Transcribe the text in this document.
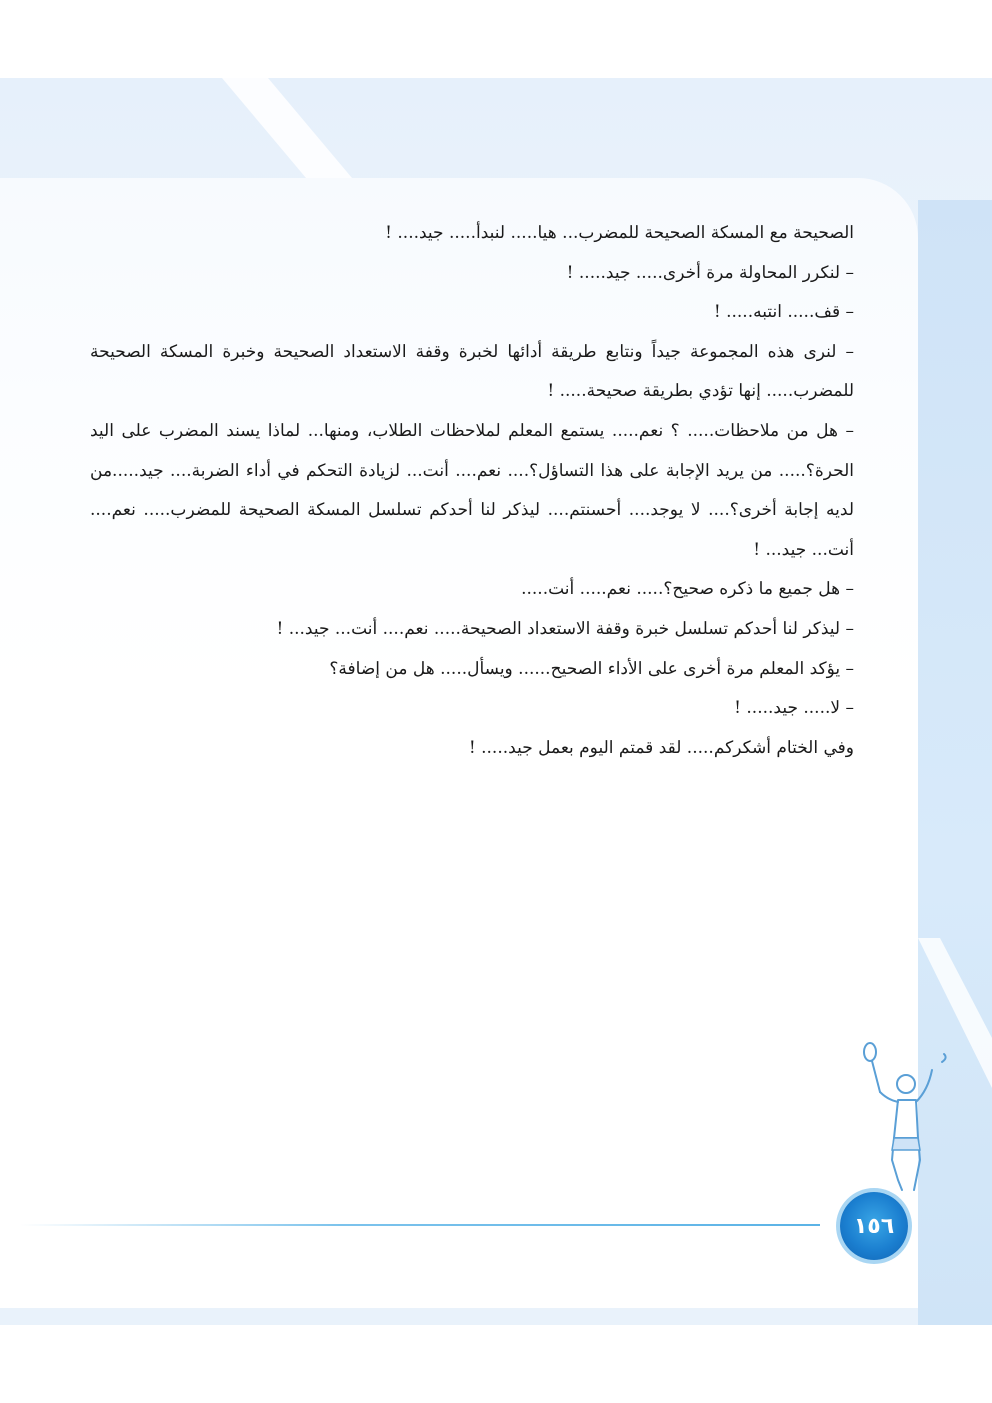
الصحيحة مع المسكة الصحيحة للمضرب... هيا..... لنبدأ..... جيد.... !

– لنكرر المحاولة مرة أخرى..... جيد..... !

– قف..... انتبه..... !

– لنرى هذه المجموعة جيداً ونتابع طريقة أدائها لخبرة وقفة الاستعداد الصحيحة وخبرة المسكة الصحيحة للمضرب..... إنها تؤدي بطريقة صحيحة..... !

– هل من ملاحظات..... ؟ نعم..... يستمع المعلم لملاحظات الطلاب، ومنها... لماذا يسند المضرب على اليد الحرة؟..... من يريد الإجابة على هذا التساؤل؟.... نعم.... أنت... لزيادة التحكم في أداء الضربة.... جيد.....من لديه إجابة أخرى؟.... لا يوجد.... أحسنتم.... ليذكر لنا أحدكم تسلسل المسكة الصحيحة للمضرب..... نعم.... أنت... جيد... !

– هل جميع ما ذكره صحيح؟..... نعم..... أنت.....

– ليذكر لنا أحدكم تسلسل خبرة وقفة الاستعداد الصحيحة..... نعم.... أنت... جيد... !

– يؤكد المعلم مرة أخرى على الأداء الصحيح...... ويسأل..... هل من إضافة؟

– لا..... جيد..... !

وفي الختام أشكركم..... لقد قمتم اليوم بعمل جيد..... !

١٥٦
